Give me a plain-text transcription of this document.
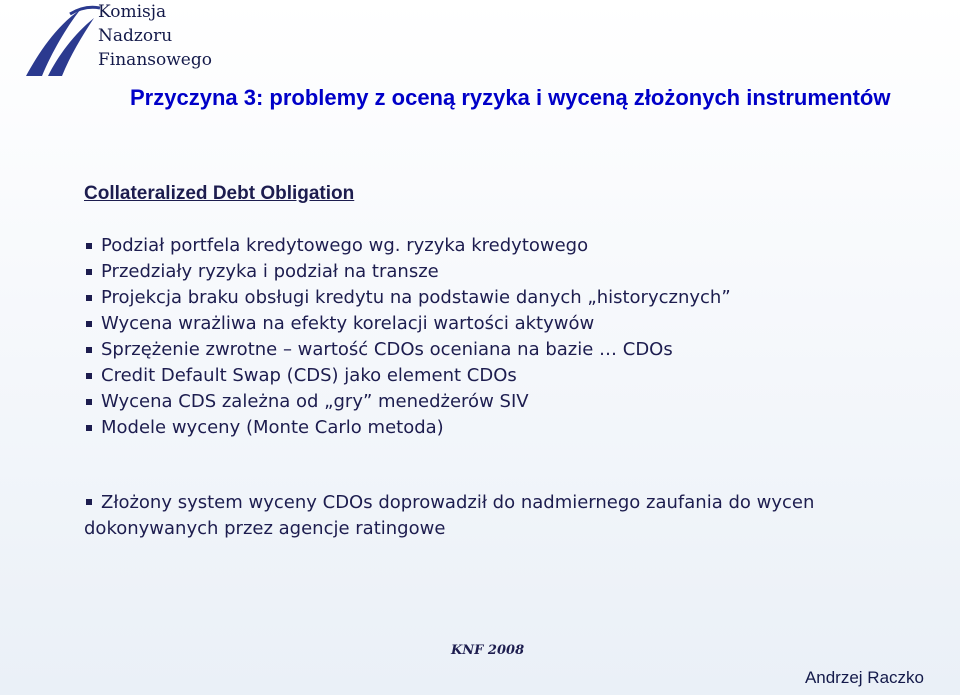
Komisja
Nadzoru
Finansowego
Przyczyna 3: problemy z oceną ryzyka i wyceną złożonych instrumentów
Collateralized Debt Obligation
Podział portfela kredytowego wg. ryzyka kredytowego
Przedziały ryzyka i podział na transze
Projekcja braku obsługi kredytu na podstawie danych „historycznych”
Wycena wrażliwa na efekty korelacji wartości aktywów
Sprzężenie zwrotne – wartość CDOs oceniana na bazie … CDOs
Credit Default Swap (CDS) jako element CDOs
Wycena CDS zależna od „gry” menedżerów SIV
Modele wyceny (Monte Carlo metoda)
Złożony system wyceny CDOs doprowadził do nadmiernego zaufania do wycen dokonywanych przez agencje ratingowe
KNF 2008
Andrzej Raczko
